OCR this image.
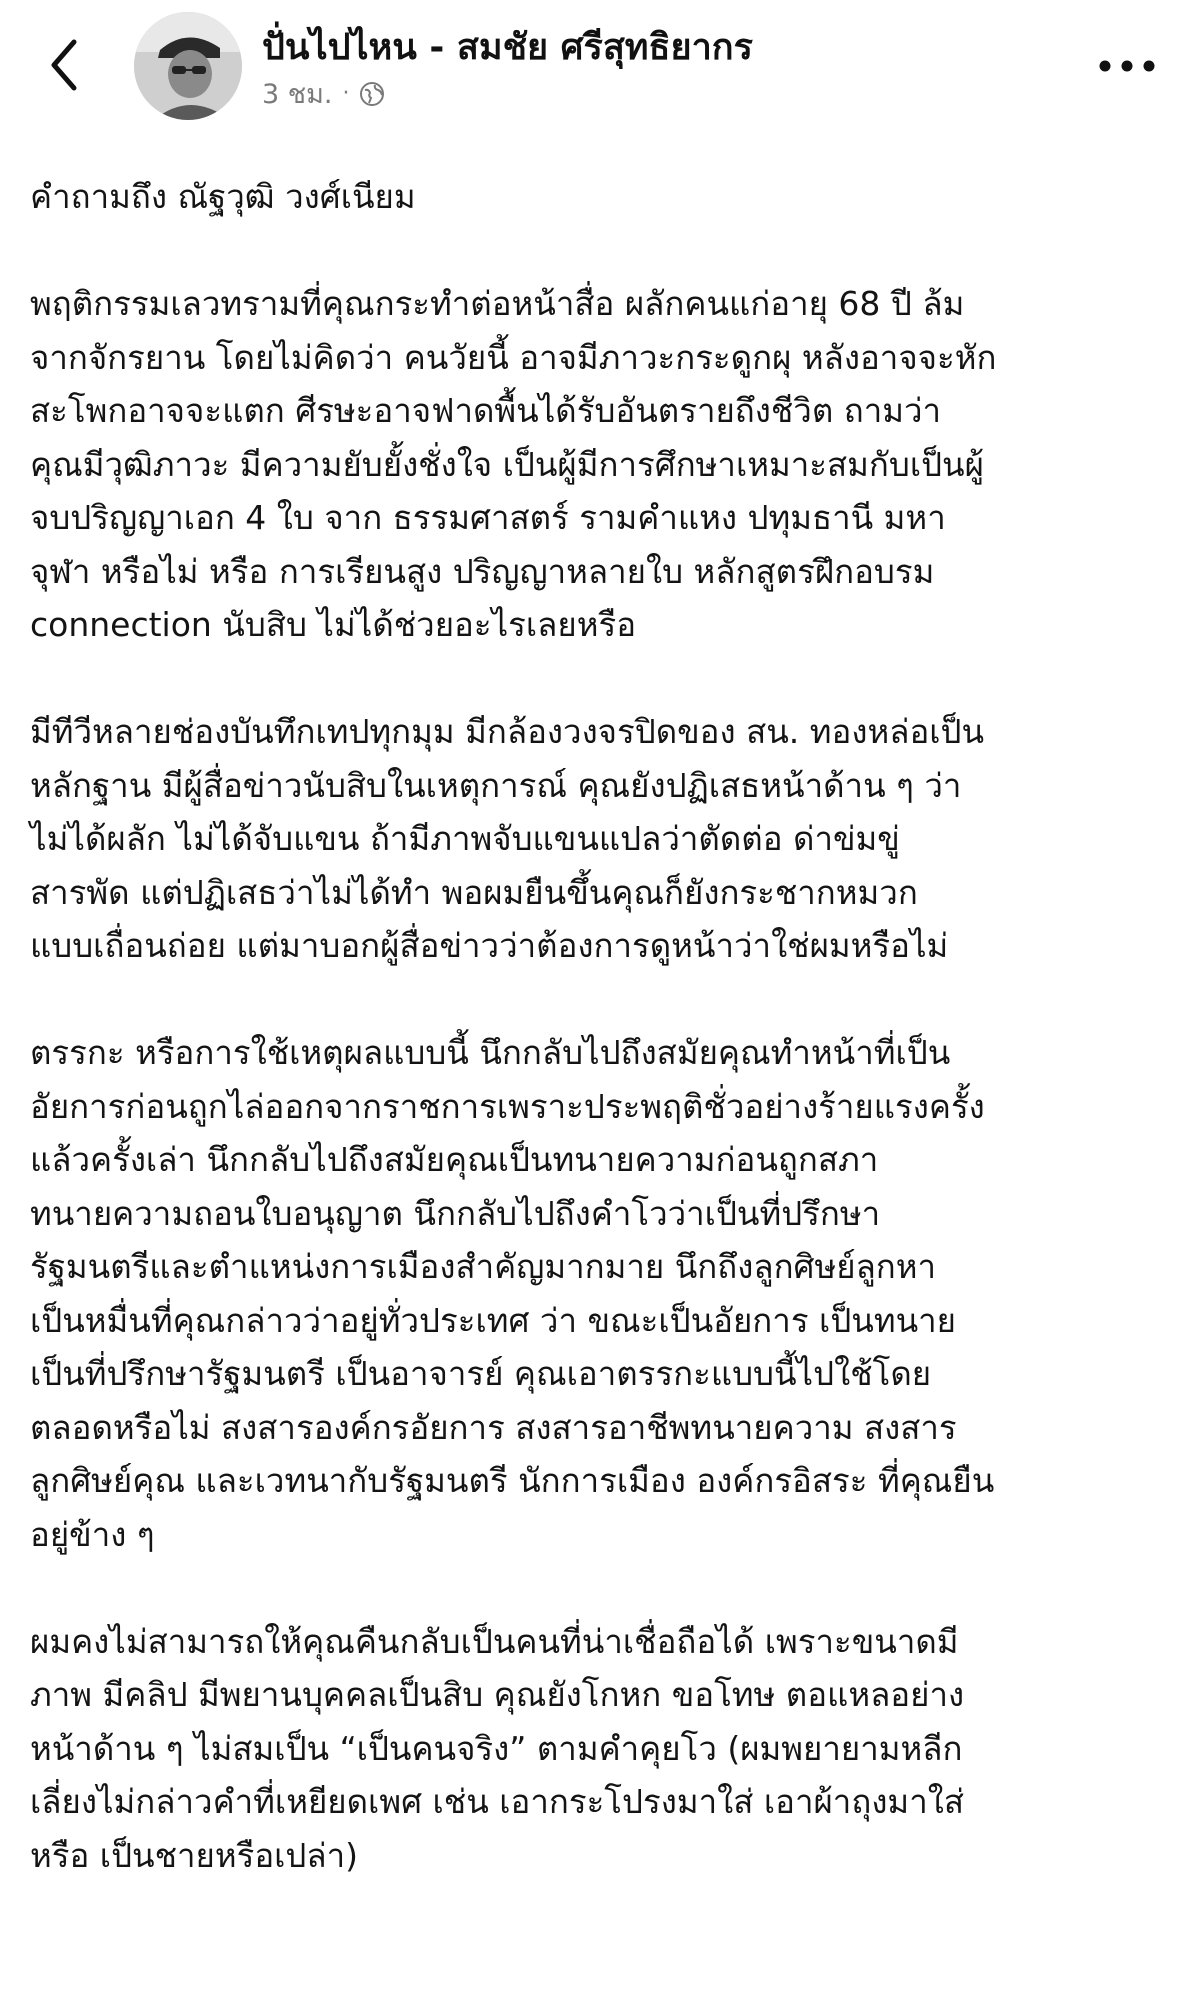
ปั่นไปไหน - สมชัย ศรีสุทธิยากร
3 ชม. ·

คำถามถึง ณัฐวุฒิ วงศ์เนียม

พฤติกรรมเลวทรามที่คุณกระทำต่อหน้าสื่อ ผลักคนแก่อายุ 68 ปี ล้ม
จากจักรยาน โดยไม่คิดว่า คนวัยนี้ อาจมีภาวะกระดูกผุ หลังอาจจะหัก
สะโพกอาจจะแตก ศีรษะอาจฟาดพื้นได้รับอันตรายถึงชีวิต ถามว่า
คุณมีวุฒิภาวะ มีความยับยั้งชั่งใจ เป็นผู้มีการศึกษาเหมาะสมกับเป็นผู้
จบปริญญาเอก 4 ใบ จาก ธรรมศาสตร์ รามคำแหง ปทุมธานี มหา
จุฬา หรือไม่ หรือ การเรียนสูง ปริญญาหลายใบ หลักสูตรฝึกอบรม
connection นับสิบ ไม่ได้ช่วยอะไรเลยหรือ

มีทีวีหลายช่องบันทึกเทปทุกมุม มีกล้องวงจรปิดของ สน. ทองหล่อเป็น
หลักฐาน มีผู้สื่อข่าวนับสิบในเหตุการณ์ คุณยังปฏิเสธหน้าด้าน ๆ ว่า
ไม่ได้ผลัก ไม่ได้จับแขน ถ้ามีภาพจับแขนแปลว่าตัดต่อ ด่าข่มขู่
สารพัด แต่ปฏิเสธว่าไม่ได้ทำ พอผมยืนขึ้นคุณก็ยังกระชากหมวก
แบบเถื่อนถ่อย แต่มาบอกผู้สื่อข่าวว่าต้องการดูหน้าว่าใช่ผมหรือไม่

ตรรกะ หรือการใช้เหตุผลแบบนี้ นึกกลับไปถึงสมัยคุณทำหน้าที่เป็น
อัยการก่อนถูกไล่ออกจากราชการเพราะประพฤติชั่วอย่างร้ายแรงครั้ง
แล้วครั้งเล่า นึกกลับไปถึงสมัยคุณเป็นทนายความก่อนถูกสภา
ทนายความถอนใบอนุญาต นึกกลับไปถึงคำโวว่าเป็นที่ปรึกษา
รัฐมนตรีและตำแหน่งการเมืองสำคัญมากมาย นึกถึงลูกศิษย์ลูกหา
เป็นหมื่นที่คุณกล่าวว่าอยู่ทั่วประเทศ ว่า ขณะเป็นอัยการ เป็นทนาย
เป็นที่ปรึกษารัฐมนตรี เป็นอาจารย์ คุณเอาตรรกะแบบนี้ไปใช้โดย
ตลอดหรือไม่ สงสารองค์กรอัยการ สงสารอาชีพทนายความ สงสาร
ลูกศิษย์คุณ และเวทนากับรัฐมนตรี นักการเมือง องค์กรอิสระ ที่คุณยืน
อยู่ข้าง ๆ

ผมคงไม่สามารถให้คุณคืนกลับเป็นคนที่น่าเชื่อถือได้ เพราะขนาดมี
ภาพ มีคลิป มีพยานบุคคลเป็นสิบ คุณยังโกหก ขอโทษ ตอแหลอย่าง
หน้าด้าน ๆ ไม่สมเป็น “เป็นคนจริง” ตามคำคุยโว (ผมพยายามหลีก
เลี่ยงไม่กล่าวคำที่เหยียดเพศ เช่น เอากระโปรงมาใส่ เอาผ้าถุงมาใส่
หรือ เป็นชายหรือเปล่า)
